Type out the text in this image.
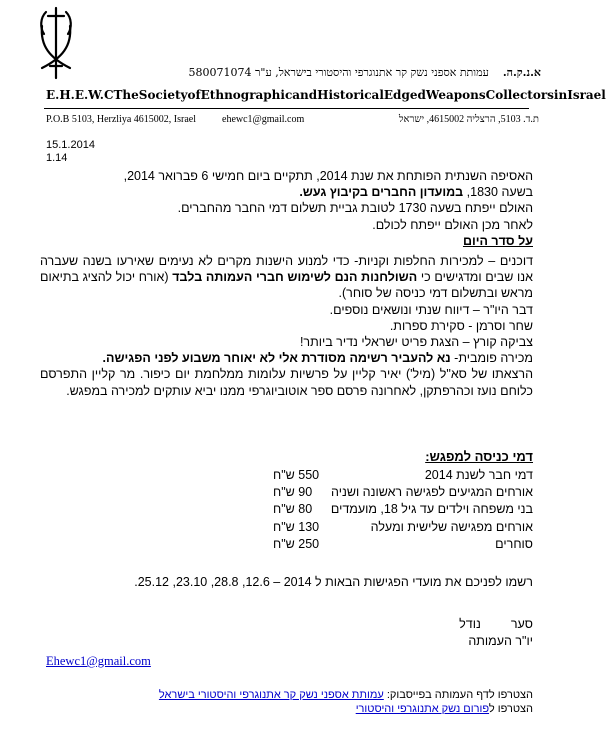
א.נ.ק.ה.    עמותת אספני נשק קר אתנוגרפי והיסטורי בישראל, ע"ר 580071074
E.H.E.W.C The Society of Ethnographic and Historical Edged Weapons Collectors in Israel
P.O.B 5103, Herzliya 4615002, Israel	ehewc1@gmail.com	ת.ד. 5103, הרצליה 4615002, ישראל
15.1.2014
1.14

האסיפה השנתית הפותחת את שנת 2014, תתקיים ביום חמישי 6 פברואר 2014,

בשעה 1830, במועדון החברים בקיבוץ געש.

האולם ייפתח בשעה 1730 לטובת גביית תשלום דמי החבר מהחברים.

לאחר מכן האולם ייפתח לכולם.

על סדר היום

דוכנים – למכירות החלפות וקניות- כדי למנוע הישנות מקרים לא נעימים שאירעו בשנה שעברה אנו שבים ומדגישים כי השולחנות הנם לשימוש חברי העמותה בלבד (אורח יכול להציג בתיאום מראש ובתשלום דמי כניסה של סוחר).

דבר היו"ר – דיווח שנתי ונושאים נוספים.

שחר וסרמן - סקירת ספרות.

צביקה קורץ – הצגת פריט ישראלי נדיר ביותר!

מכירה פומבית- נא להעביר רשימה מסודרת אלי לא יאוחר משבוע לפני הפגישה.

הרצאתו של סא"ל (מיל') יאיר קליין על פרשיות עלומות ממלחמת יום כיפור. מר קליין התפרסם כלוחם נועז וכהרפתקן, לאחרונה פרסם ספר אוטוביוגרפי ממנו יביא עותקים למכירה במפגש.

דמי כניסה למפגש:
דמי חבר לשנת 2014
550 ש"ח
אורחים המגיעים לפגישה ראשונה ושניה
90 ש"ח
בני משפחה וילדים עד גיל 18, מועמדים
80 ש"ח
אורחים מפגישה שלישית ומעלה
130 ש"ח
סוחרים
250 ש"ח
רשמו לפניכם את מועדי הפגישות הבאות ל 2014 – 12.6, 28.8, 23.10, 25.12.
סער
נודל
יו"ר העמותה
Ehewc1@gmail.com
הצטרפו לדף העמותה בפייסבוק: עמותת אספני נשק קר אתנוגרפי והיסטורי בישראל
הצטרפו לפורום נשק אתנוגרפי והיסטורי
